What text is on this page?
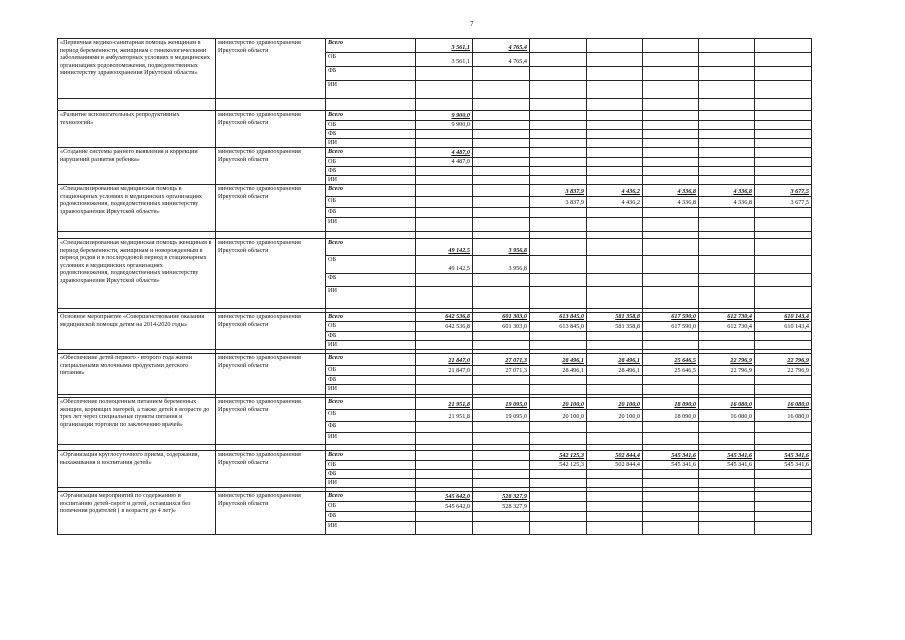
7
«Первичная медико-санитарная помощь женщинам в период беременности, женщинам с гинекологическими заболеваниями в амбулаторных условиях в медицинских организациях родовспоможения, подведомственных министерству здравоохранения Иркутской области»	министерство здравоохранения Иркутской области	Всего	3 561,1	4 765,4					
		ОБ	3 561,1	4 765,4					
		ФБ							
		ИИ							

«Развитие вспомогательных репродуктивных технологий»	министерство здравоохранения Иркутской области	Всего	9 900,0						
		ОБ	9 900,0						
		ФБ							
		ИИ							
«Создание системы раннего выявления и коррекции нарушений развития ребенка»	министерство здравоохранения Иркутской области	Всего	4 487,0						
		ОБ	4 487,0						
		ФБ							
		ИИ							
«Специализированная медицинская помощь в стационарных условиях в медицинских организациях родовспоможения, подведомственных министерству здравоохранения Иркутской области»	министерство здравоохранения Иркутской области	Всего			3 837,9	4 436,2	4 336,8	4 336,8	3 677,5
		ОБ			3 837,9	4 436,2	4 336,8	4 336,8	3 677,5
		ФБ							
		ИИ							

«Специализированная медицинская помощь женщинам в период беременности, женщинам и новорожденным в период родов и в послеродовой период в стационарных условиях в медицинских организациях родовспоможения, подведомственных министерству здравоохранения Иркутской области»	министерство здравоохранения Иркутской области	Всего	49 142,5	3 956,8					
		ОБ	49 142,5	3 956,8					
		ФБ							
		ИИ							

Основное мероприятие «Совершенствование оказания медицинской помощи детям на 2014-2020 годы»	министерство здравоохранения Иркутской области	Всего	642 536,8	601 303,0	613 845,0	581 358,8	617 590,0	612 730,4	610 143,4
		ОБ	642 536,8	601 303,0	613 845,0	581 358,8	617 590,0	612 730,4	610 143,4
		ФБ							
		ИИ							

«Обеспечение детей первого - второго года жизни специальными молочными продуктами детского питания»	министерство здравоохранения Иркутской области	Всего	21 847,0	27 071,3	28 496,1	28 496,1	25 646,5	22 796,9	22 796,9
		ОБ	21 847,0	27 071,3	28 496,1	28 496,1	25 646,5	22 796,9	22 796,9
		ФБ							
		ИИ							

«Обеспечение полноценным питанием беременных женщин, кормящих матерей, а также детей в возрасте до трех лет через специальные пункты питания и организации торговли по заключению врачей»	министерство здравоохранения Иркутской области	Всего	21 951,8	19 095,0	20 100,0	20 100,0	18 090,0	16 080,0	16 080,0
		ОБ	21 951,8	19 095,0	20 100,0	20 100,0	18 090,0	16 080,0	16 080,0
		ФБ							
		ИИ							

«Организация круглосуточного приема, содержания, выхаживания и воспитания детей»	министерство здравоохранения Иркутской области	Всего			542 125,3	502 844,4	545 341,6	545 341,6	545 341,6
		ОБ			542 125,3	502 844,4	545 341,6	545 341,6	545 341,6
		ФБ							
		ИИ							

«Организация мероприятий по содержанию и воспитанию детей-сирот и детей, оставшихся без попечения родителей ( в возрасте до 4 лет)»	министерство здравоохранения Иркутской области	Всего	545 642,0	528 327,9					
		ОБ	545 642,0	528 327,9					
		ФБ							
		ИИ							
